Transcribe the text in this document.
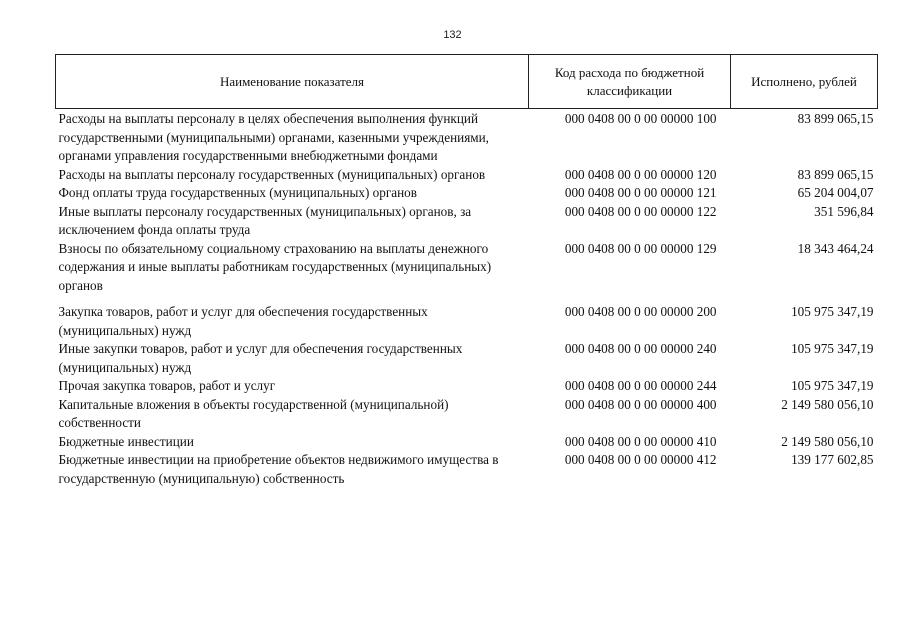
132
Наименование показателя	Код расхода по бюджетной классификации	Исполнено, рублей
Расходы на выплаты персоналу в целях обеспечения выполнения функций государственными (муниципальными) органами, казенными учреждениями, органами управления государственными внебюджетными фондами	000 0408 00 0 00 00000 100	83 899 065,15
Расходы на выплаты персоналу государственных (муниципальных) органов	000 0408 00 0 00 00000 120	83 899 065,15
Фонд оплаты труда государственных (муниципальных) органов	000 0408 00 0 00 00000 121	65 204 004,07
Иные выплаты персоналу государственных (муниципальных) органов, за исключением фонда оплаты труда	000 0408 00 0 00 00000 122	351 596,84
Взносы по обязательному социальному страхованию на выплаты денежного содержания и иные выплаты работникам государственных (муниципальных) органов	000 0408 00 0 00 00000 129	18 343 464,24
Закупка товаров, работ и услуг для обеспечения государственных (муниципальных) нужд	000 0408 00 0 00 00000 200	105 975 347,19
Иные закупки товаров, работ и услуг для обеспечения государственных (муниципальных) нужд	000 0408 00 0 00 00000 240	105 975 347,19
Прочая закупка товаров, работ и услуг	000 0408 00 0 00 00000 244	105 975 347,19
Капитальные вложения в объекты государственной (муниципальной) собственности	000 0408 00 0 00 00000 400	2 149 580 056,10
Бюджетные инвестиции	000 0408 00 0 00 00000 410	2 149 580 056,10
Бюджетные инвестиции на приобретение объектов недвижимого имущества в государственную (муниципальную) собственность	000 0408 00 0 00 00000 412	139 177 602,85
